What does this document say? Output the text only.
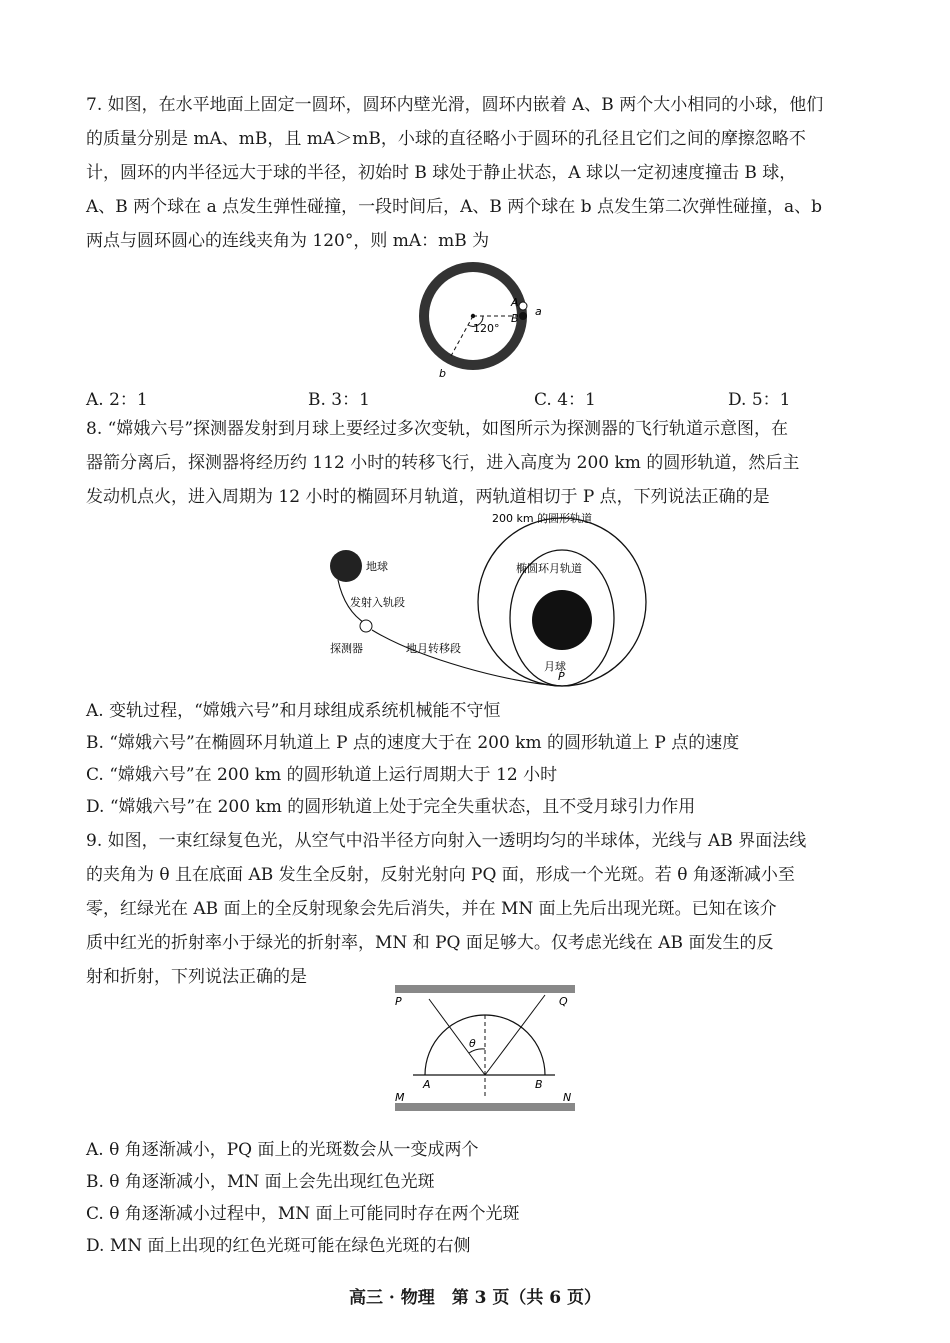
7. 如图，在水平地面上固定一圆环，圆环内壁光滑，圆环内嵌着 A、B 两个大小相同的小球，他们

的质量分别是 mA、mB，且 mA＞mB，小球的直径略小于圆环的孔径且它们之间的摩擦忽略不

计，圆环的内半径远大于球的半径，初始时 B 球处于静止状态，A 球以一定初速度撞击 B 球，

A、B 两个球在 a 点发生弹性碰撞，一段时间后，A、B 两个球在 b 点发生第二次弹性碰撞，a、b

两点与圆环圆心的连线夹角为 120°，则 mA：mB 为

A
B
a
b
120°
A. 2：1	B. 3：1	C. 4：1	D. 5：1

8. “嫦娥六号”探测器发射到月球上要经过多次变轨，如图所示为探测器的飞行轨道示意图，在

器箭分离后，探测器将经历约 112 小时的转移飞行，进入高度为 200 km 的圆形轨道，然后主

发动机点火，进入周期为 12 小时的椭圆环月轨道，两轨道相切于 P 点，下列说法正确的是

200 km 的圆形轨道
椭圆环月轨道
月球
地球
发射入轨段
探测器	地月转移段
P
A. 变轨过程，“嫦娥六号”和月球组成系统机械能不守恒
B. “嫦娥六号”在椭圆环月轨道上 P 点的速度大于在 200 km 的圆形轨道上 P 点的速度
C. “嫦娥六号”在 200 km 的圆形轨道上运行周期大于 12 小时
D. “嫦娥六号”在 200 km 的圆形轨道上处于完全失重状态，且不受月球引力作用

9. 如图，一束红绿复色光，从空气中沿半径方向射入一透明均匀的半球体，光线与 AB 界面法线

的夹角为 θ 且在底面 AB 发生全反射，反射光射向 PQ 面，形成一个光斑。若 θ 角逐渐减小至

零，红绿光在 AB 面上的全反射现象会先后消失，并在 MN 面上先后出现光斑。已知在该介

质中红光的折射率小于绿光的折射率，MN 和 PQ 面足够大。仅考虑光线在 AB 面发生的反

射和折射，下列说法正确的是

P	Q
θ
A	B
M	N
A. θ 角逐渐减小，PQ 面上的光斑数会从一变成两个
B. θ 角逐渐减小，MN 面上会先出现红色光斑
C. θ 角逐渐减小过程中，MN 面上可能同时存在两个光斑
D. MN 面上出现的红色光斑可能在绿色光斑的右侧
高三 · 物理　第 3 页（共 6 页）
